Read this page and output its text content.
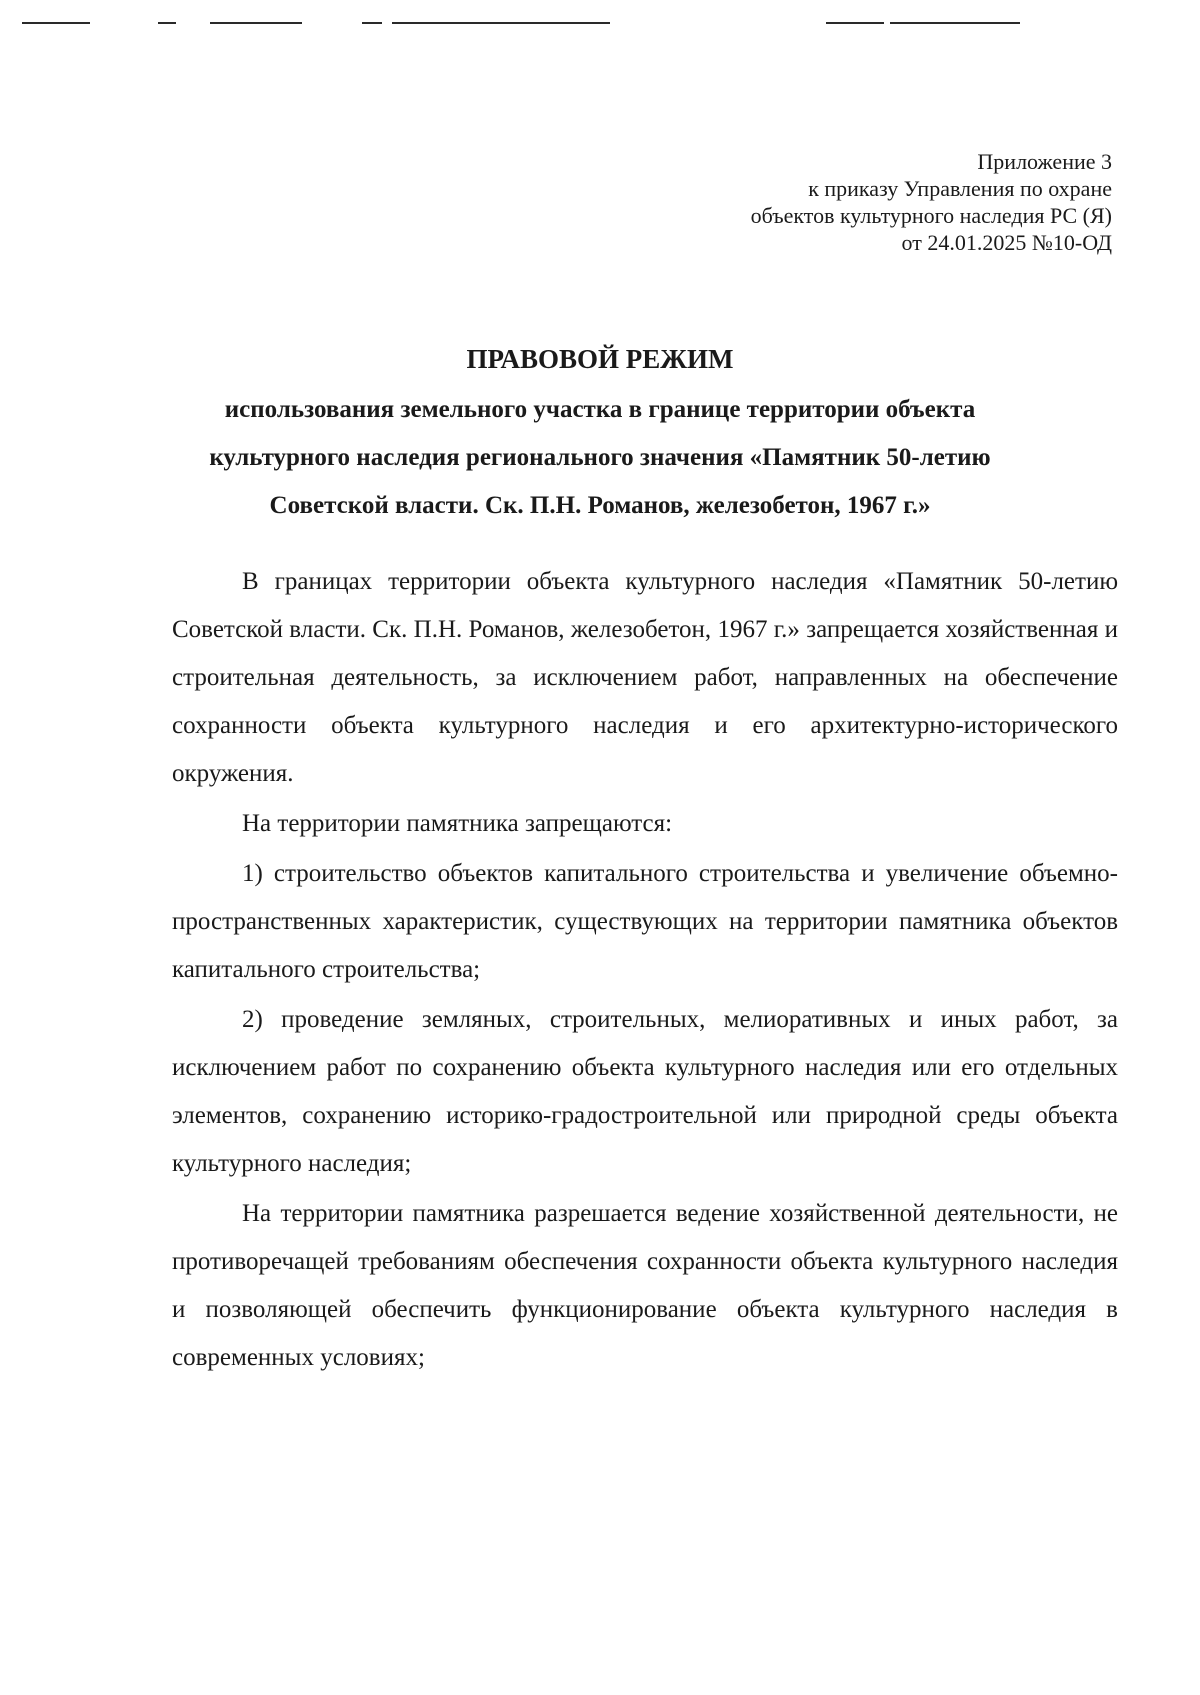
Приложение 3
к приказу Управления по охране
объектов культурного наследия РС (Я)
от 24.01.2025 №10-ОД
ПРАВОВОЙ РЕЖИМ
использования земельного участка в границе территории объекта
культурного наследия регионального значения «Памятник 50-летию
Советской власти. Ск. П.Н. Романов, железобетон, 1967 г.»

В границах территории объекта культурного наследия «Памятник 50-летию Советской власти. Ск. П.Н. Романов, железобетон, 1967 г.» запрещается хозяйственная и строительная деятельность, за исключением работ, направленных на обеспечение сохранности объекта культурного наследия и его архитектурно-исторического окружения.

На территории памятника запрещаются:

1) строительство объектов капитального строительства и увеличение объемно-пространственных характеристик, существующих на территории памятника объектов капитального строительства;

2) проведение земляных, строительных, мелиоративных и иных работ, за исключением работ по сохранению объекта культурного наследия или его отдельных элементов, сохранению историко-градостроительной или природной среды объекта культурного наследия;

На территории памятника разрешается ведение хозяйственной деятельности, не противоречащей требованиям обеспечения сохранности объекта культурного наследия и позволяющей обеспечить функционирование объекта культурного наследия в современных условиях;
